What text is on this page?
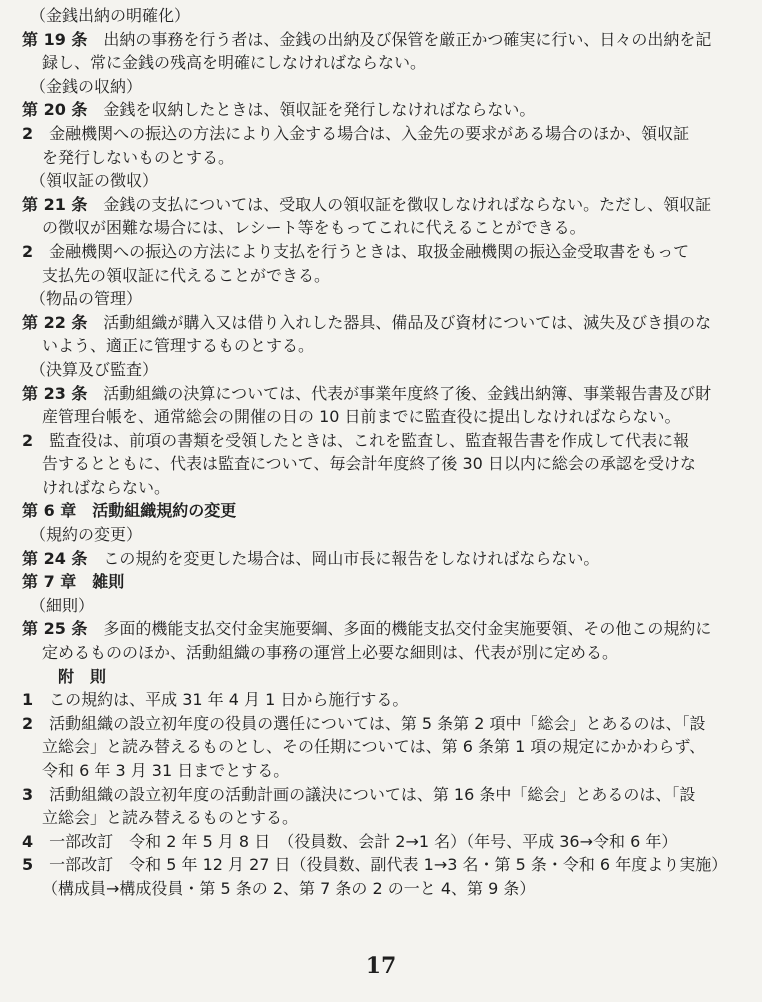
（金銭出納の明確化）
第 19 条　出納の事務を行う者は、金銭の出納及び保管を厳正かつ確実に行い、日々の出納を記
録し、常に金銭の残高を明確にしなければならない。
（金銭の収納）
第 20 条　金銭を収納したときは、領収証を発行しなければならない。
2　金融機関への振込の方法により入金する場合は、入金先の要求がある場合のほか、領収証
を発行しないものとする。
（領収証の徴収）
第 21 条　金銭の支払については、受取人の領収証を徴収しなければならない。ただし、領収証
の徴収が困難な場合には、レシート等をもってこれに代えることができる。
2　金融機関への振込の方法により支払を行うときは、取扱金融機関の振込金受取書をもって
支払先の領収証に代えることができる。
（物品の管理）
第 22 条　活動組織が購入又は借り入れした器具、備品及び資材については、滅失及びき損のな
いよう、適正に管理するものとする。
（決算及び監査）
第 23 条　活動組織の決算については、代表が事業年度終了後、金銭出納簿、事業報告書及び財
産管理台帳を、通常総会の開催の日の 10 日前までに監査役に提出しなければならない。
2　監査役は、前項の書類を受領したときは、これを監査し、監査報告書を作成して代表に報
告するとともに、代表は監査について、毎会計年度終了後 30 日以内に総会の承認を受けな
ければならない。
第 6 章　活動組織規約の変更
（規約の変更）
第 24 条　この規約を変更した場合は、岡山市長に報告をしなければならない。
第 7 章　雑則
（細則）
第 25 条　多面的機能支払交付金実施要綱、多面的機能支払交付金実施要領、その他この規約に
定めるもののほか、活動組織の事務の運営上必要な細則は、代表が別に定める。
附　則
1　この規約は、平成 31 年 4 月 1 日から施行する。
2　活動組織の設立初年度の役員の選任については、第 5 条第 2 項中「総会」とあるのは、「設
立総会」と読み替えるものとし、その任期については、第 6 条第 1 項の規定にかかわらず、
令和 6 年 3 月 31 日までとする。
3　活動組織の設立初年度の活動計画の議決については、第 16 条中「総会」とあるのは、「設
立総会」と読み替えるものとする。
4　一部改訂　令和 2 年 5 月 8 日　（役員数、会計 2→1 名）（年号、平成 36→令和 6 年）
5　一部改訂　令和 5 年 12 月 27 日（役員数、副代表 1→3 名・第 5 条・令和 6 年度より実施）
（構成員→構成役員・第 5 条の 2、第 7 条の 2 の一と 4、第 9 条）
17
